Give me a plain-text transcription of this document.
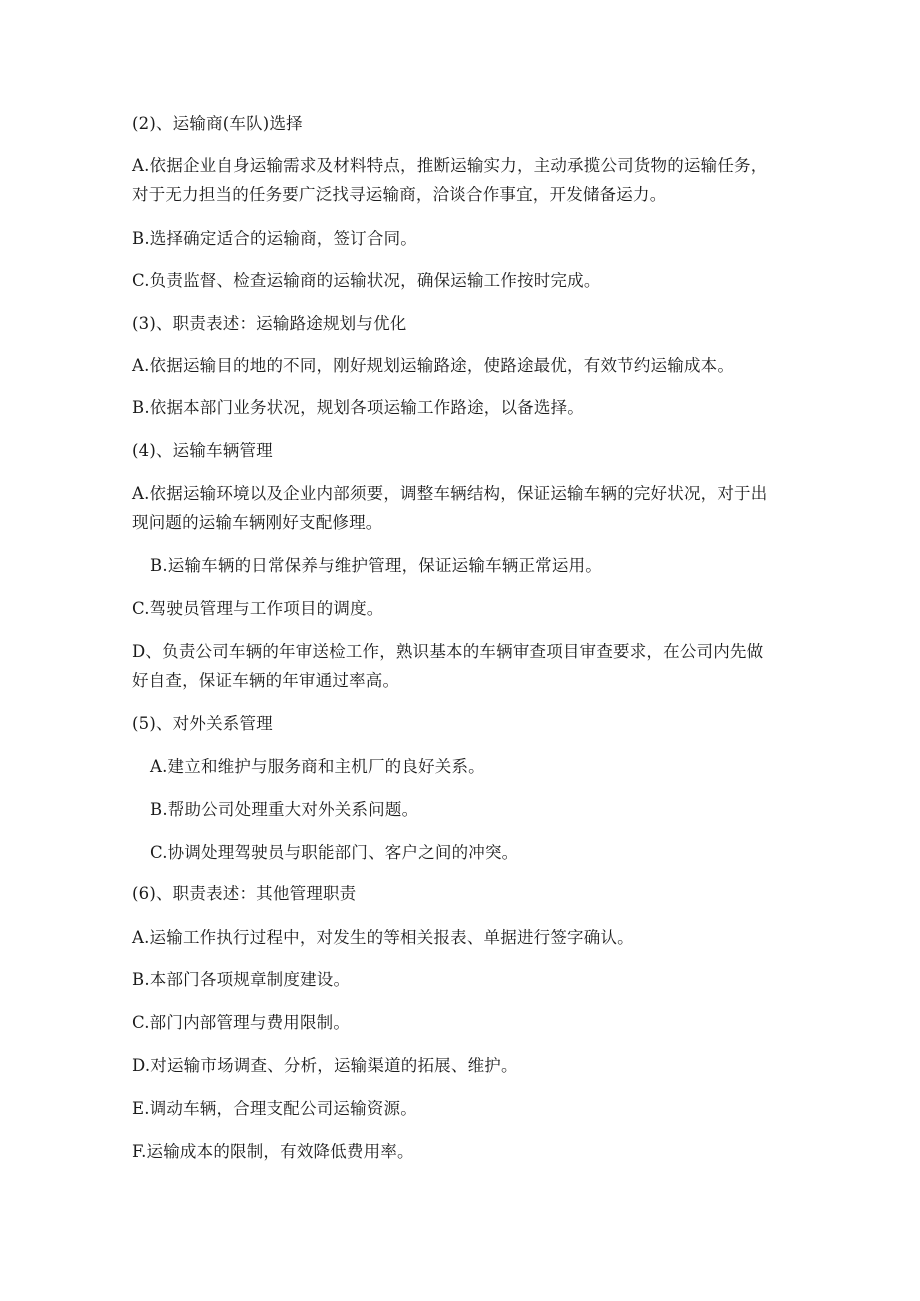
(2)、运输商(车队)选择
A.依据企业自身运输需求及材料特点，推断运输实力，主动承揽公司货物的运输任务，
对于无力担当的任务要广泛找寻运输商，洽谈合作事宜，开发储备运力。
B.选择确定适合的运输商，签订合同。
C.负责监督、检查运输商的运输状况，确保运输工作按时完成。
(3)、职责表述：运输路途规划与优化
A.依据运输目的地的不同，刚好规划运输路途，使路途最优，有效节约运输成本。
B.依据本部门业务状况，规划各项运输工作路途，以备选择。
(4)、运输车辆管理
A.依据运输环境以及企业内部须要，调整车辆结构，保证运输车辆的完好状况，对于出
现问题的运输车辆刚好支配修理。
B.运输车辆的日常保养与维护管理，保证运输车辆正常运用。
C.驾驶员管理与工作项目的调度。
D、负责公司车辆的年审送检工作，熟识基本的车辆审查项目审查要求，在公司内先做
好自查，保证车辆的年审通过率高。
(5)、对外关系管理
A.建立和维护与服务商和主机厂的良好关系。
B.帮助公司处理重大对外关系问题。
C.协调处理驾驶员与职能部门、客户之间的冲突。
(6)、职责表述：其他管理职责
A.运输工作执行过程中，对发生的等相关报表、单据进行签字确认。
B.本部门各项规章制度建设。
C.部门内部管理与费用限制。
D.对运输市场调查、分析，运输渠道的拓展、维护。
E.调动车辆，合理支配公司运输资源。
F.运输成本的限制，有效降低费用率。
